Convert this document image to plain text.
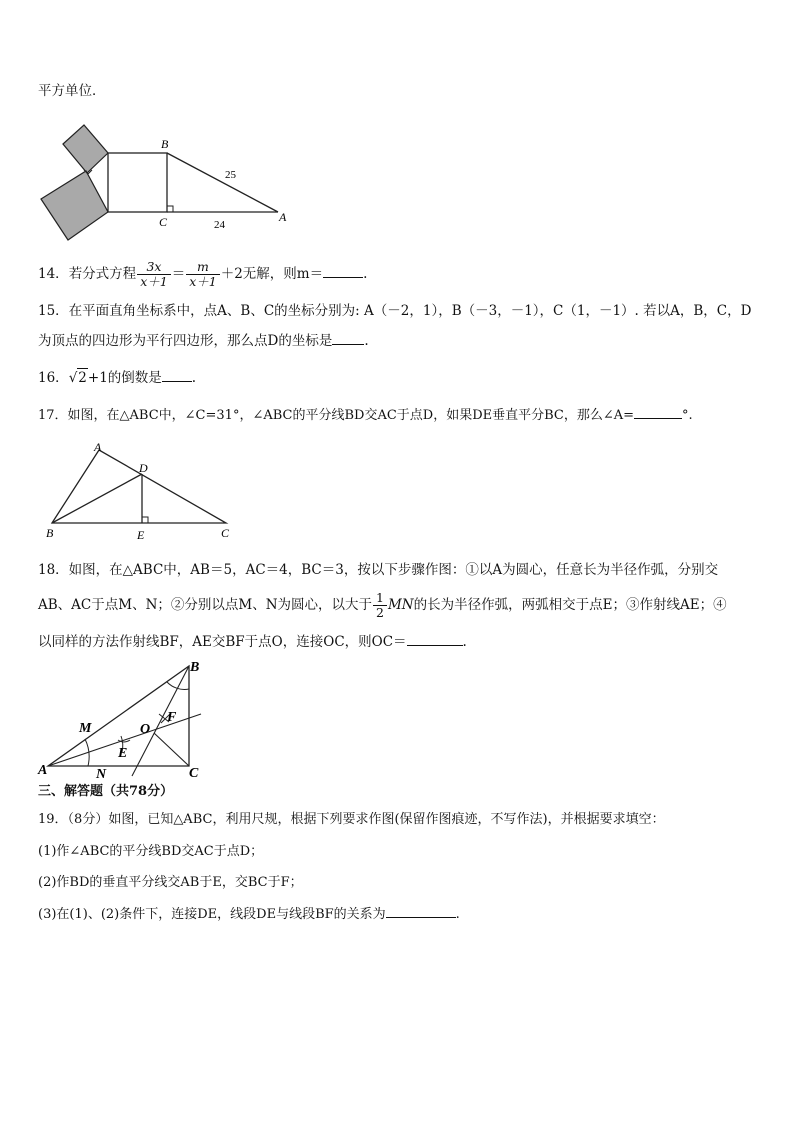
平方单位．
B
C	A
25
24
14．若分式方程 $\frac{3x}{x+1} = \frac{m}{x+1} +2$无解，则m＝	.
15．在平面直角坐标系中，点A、B、C的坐标分别为: A（－2，1），B（－3，－1），C（1，－1）. 若以A，B，C，D
为顶点的四边形为平行四边形，那么点D的坐标是 .
16．√2+1的倒数是 .
17．如图，在△ABC中，∠C=31°，∠ABC的平分线BD交AC于点D，如果DE垂直平分BC，那么∠A=	°.
A
B	C
D
E
18．如图，在△ABC中，AB＝5，AC＝4，BC＝3，按以下步骤作图：①以A为圆心，任意长为半径作弧，分别交
AB、AC于点M、N；②分别以点M、N为圆心，以大于 $\frac{1}{2}$ MN的长为半径作弧，两弧相交于点E；③作射线AE；④
以同样的方法作射线BF，AE交BF于点O，连接OC，则OC＝	.
A
B
C
M
N
O
E
F
三、解答题（共78分）
19．（8分）如图，已知△ABC，利用尺规，根据下列要求作图(保留作图痕迹，不写作法)，并根据要求填空：
(1)作∠ABC的平分线BD交AC于点D；
(2)作BD的垂直平分线交AB于E，交BC于F；
(3)在(1)、(2)条件下，连接DE，线段DE与线段BF的关系为	.
